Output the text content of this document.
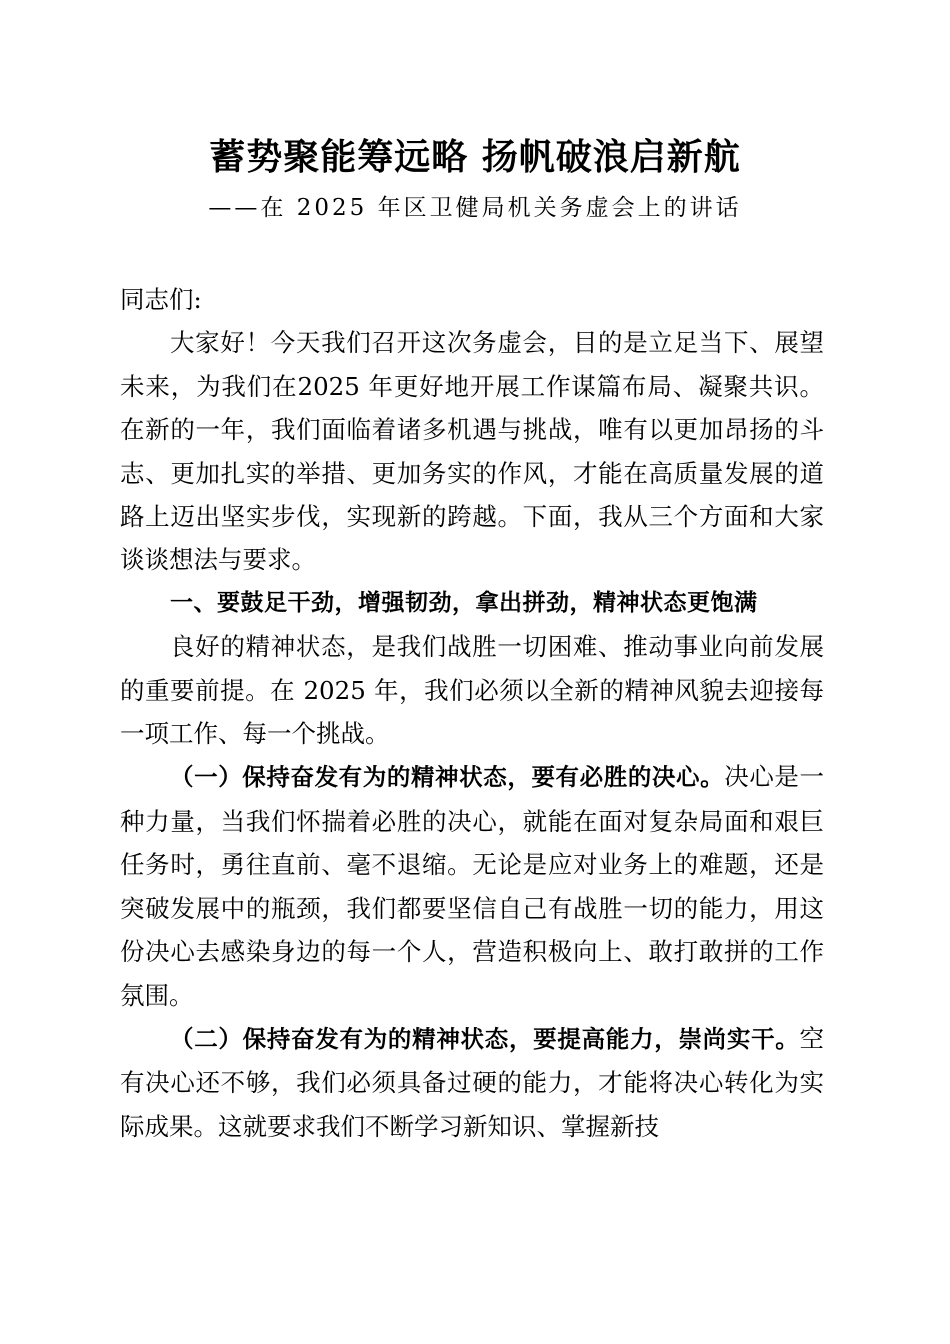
蓄势聚能筹远略 扬帆破浪启新航
——在 2025 年区卫健局机关务虚会上的讲话

同志们:

大家好！今天我们召开这次务虚会，目的是立足当下、展望未来，为我们在2025 年更好地开展工作谋篇布局、凝聚共识。在新的一年，我们面临着诸多机遇与挑战，唯有以更加昂扬的斗志、更加扎实的举措、更加务实的作风，才能在高质量发展的道路上迈出坚实步伐，实现新的跨越。下面，我从三个方面和大家谈谈想法与要求。

一、要鼓足干劲，增强韧劲，拿出拼劲，精神状态更饱满

良好的精神状态，是我们战胜一切困难、推动事业向前发展的重要前提。在 2025 年，我们必须以全新的精神风貌去迎接每一项工作、每一个挑战。

（一）保持奋发有为的精神状态，要有必胜的决心。决心是一种力量，当我们怀揣着必胜的决心，就能在面对复杂局面和艰巨任务时，勇往直前、毫不退缩。无论是应对业务上的难题，还是突破发展中的瓶颈，我们都要坚信自己有战胜一切的能力，用这份决心去感染身边的每一个人，营造积极向上、敢打敢拼的工作氛围。

（二）保持奋发有为的精神状态，要提高能力，崇尚实干。空有决心还不够，我们必须具备过硬的能力，才能将决心转化为实际成果。这就要求我们不断学习新知识、掌握新技
